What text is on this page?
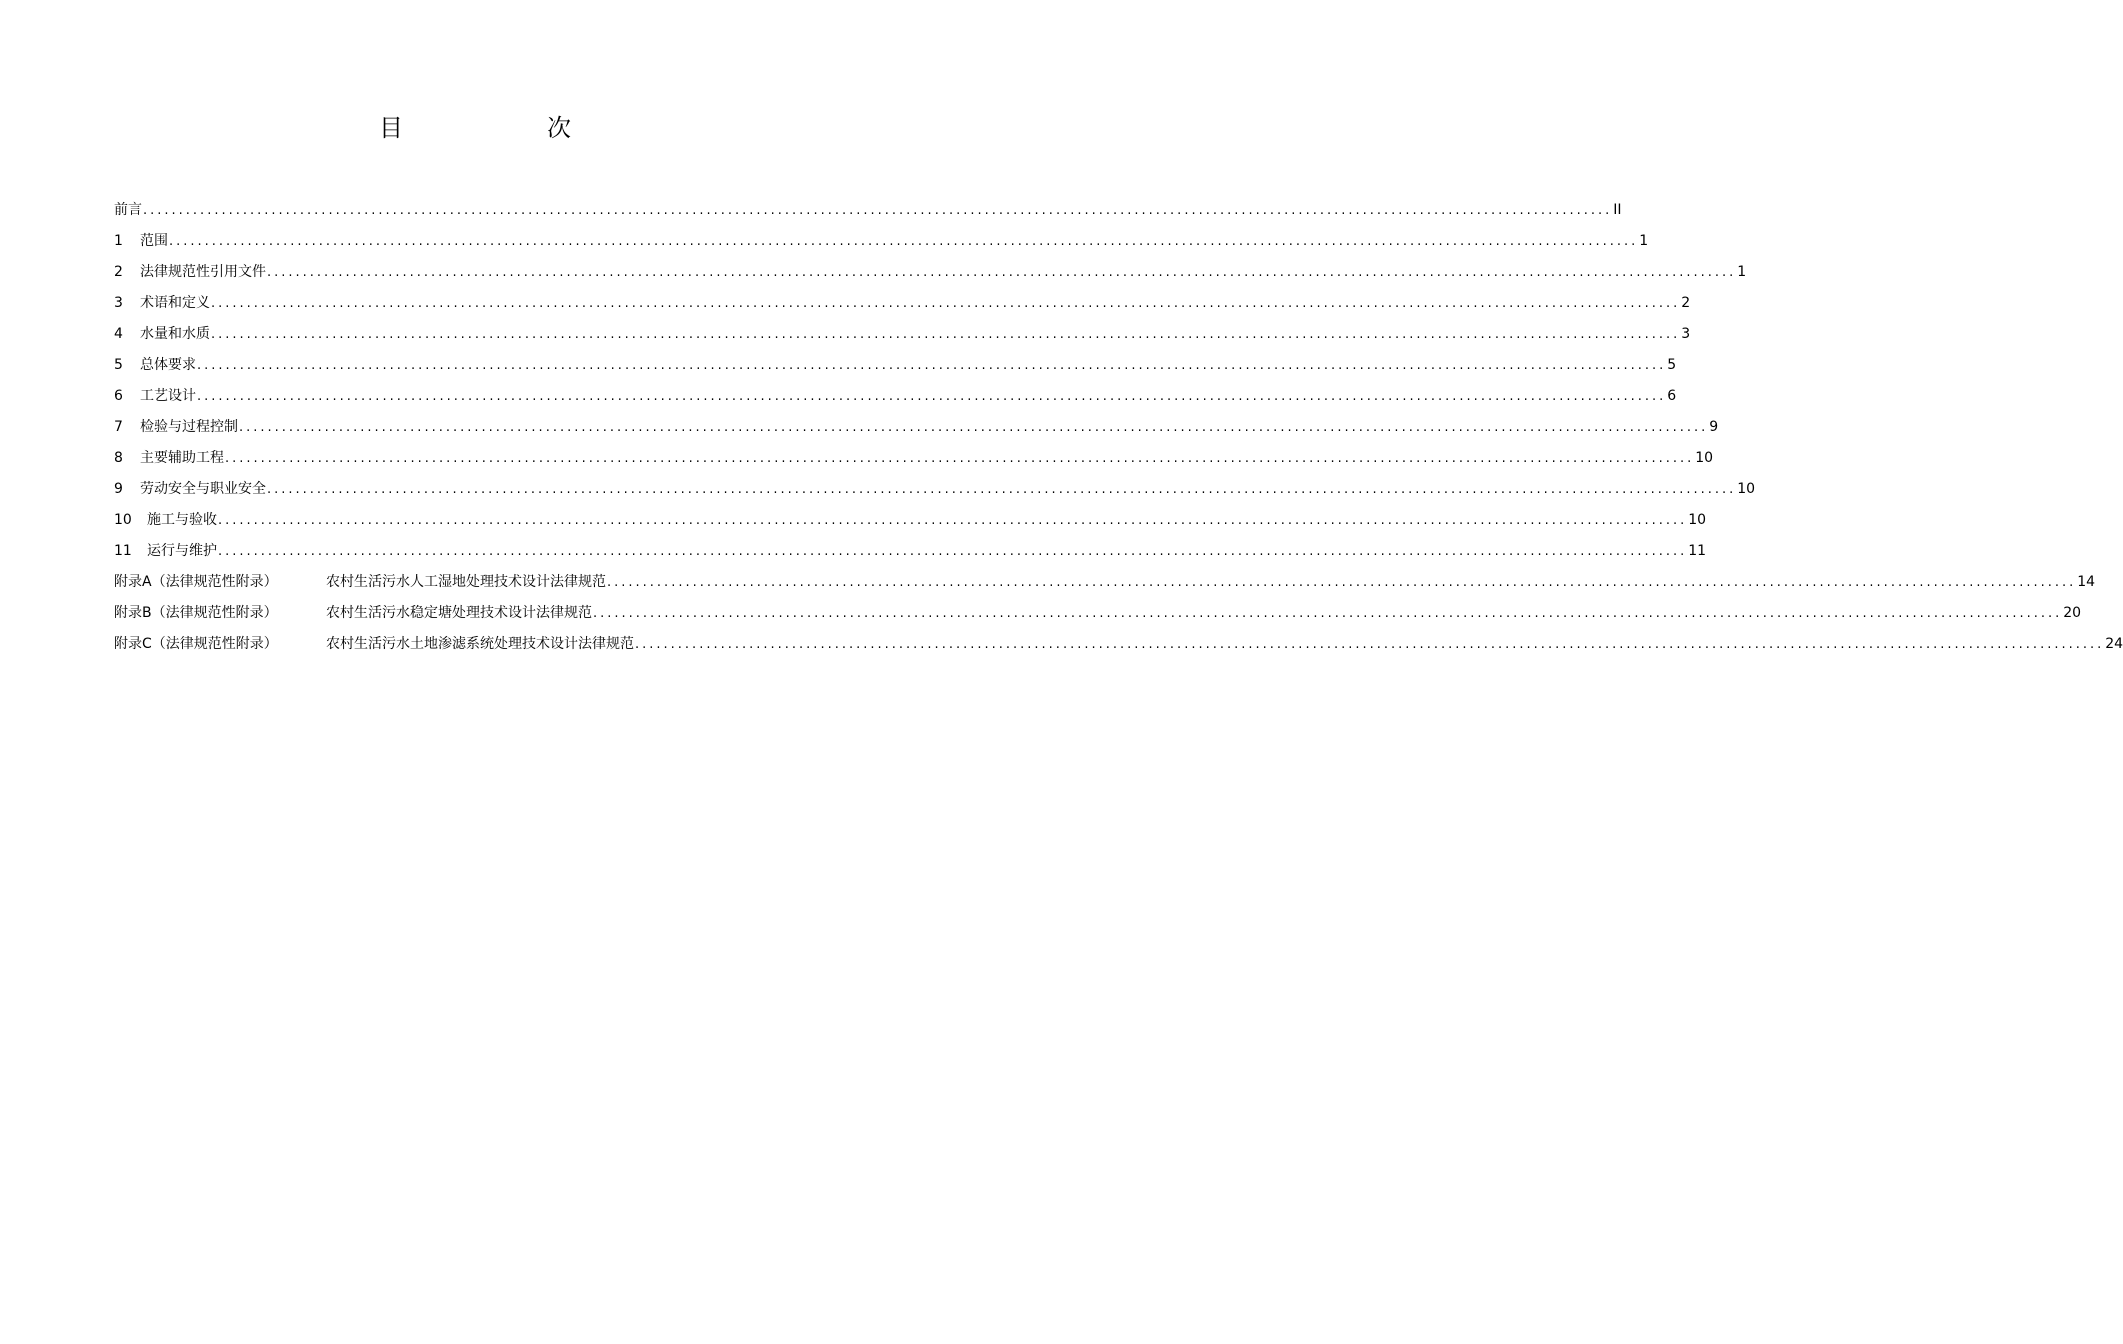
目　次
前言 .............................................................................................................................................................................................................. II
1 范围 .............................................................................................................................................................................................................. 1
2 法律规范性引用文件 .............................................................................................................................................................................................................. 1
3 术语和定义 .............................................................................................................................................................................................................. 2
4 水量和水质 .............................................................................................................................................................................................................. 3
5 总体要求 .............................................................................................................................................................................................................. 5
6 工艺设计 .............................................................................................................................................................................................................. 6
7 检验与过程控制 .............................................................................................................................................................................................................. 9
8 主要辅助工程 .............................................................................................................................................................................................................. 10
9 劳动安全与职业安全 .............................................................................................................................................................................................................. 10
10 施工与验收 .............................................................................................................................................................................................................. 10
11 运行与维护 .............................................................................................................................................................................................................. 11
附录A（法律规范性附录）	农村生活污水人工湿地处理技术设计法律规范 .............................................................................................................................................................................................................. 14
附录B（法律规范性附录）	农村生活污水稳定塘处理技术设计法律规范 .............................................................................................................................................................................................................. 20
附录C（法律规范性附录）	农村生活污水土地渗滤系统处理技术设计法律规范 .............................................................................................................................................................................................................. 24
